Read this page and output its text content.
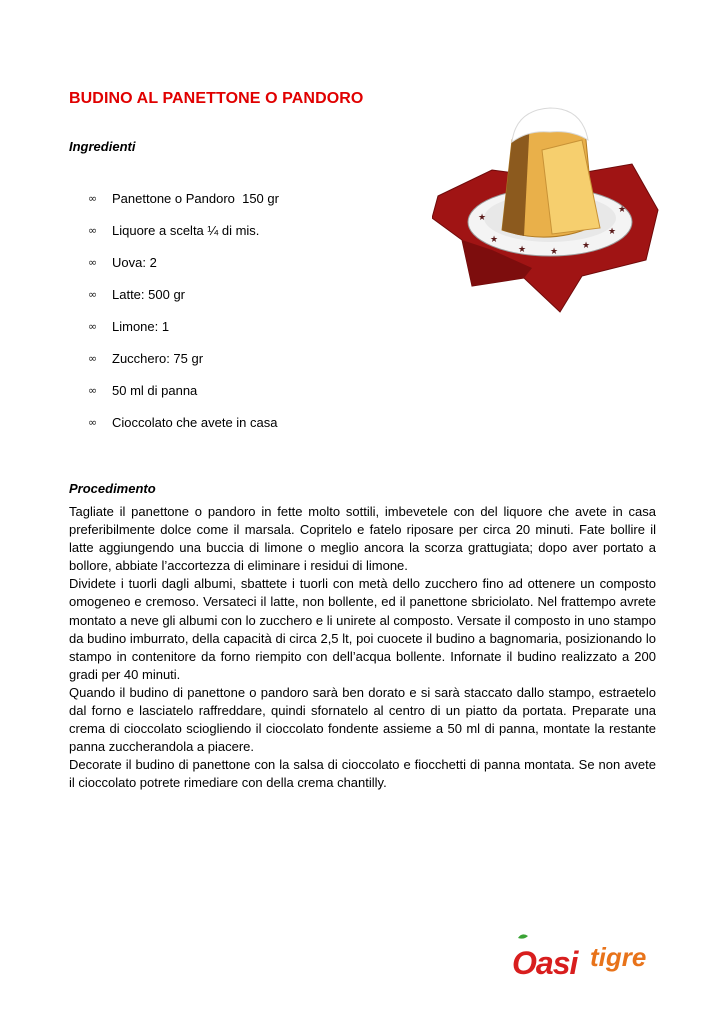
BUDINO AL PANETTONE O PANDORO
Ingredienti
∞	Panettone o Pandoro  150 gr
∞	Liquore a scelta ¼ di mis.
∞	Uova: 2
∞	Latte: 500 gr
∞	Limone: 1
∞	Zucchero: 75 gr
∞	50 ml di panna
∞	Cioccolato che avete in casa
Procedimento

Tagliate il panettone o pandoro in fette molto sottili, imbevetele con del liquore che avete in casa preferibilmente dolce come il marsala. Copritelo e fatelo riposare per circa 20 minuti. Fate bollire il latte aggiungendo una buccia di limone o meglio ancora la scorza grattugiata; dopo aver portato a bollore, abbiate l’accortezza di eliminare i residui di limone.

Dividete i tuorli dagli albumi, sbattete i tuorli con metà dello zucchero fino ad ottenere un composto omogeneo e cremoso. Versateci il latte, non bollente, ed il panettone sbriciolato. Nel frattempo avrete montato a neve gli albumi con lo zucchero e li unirete al composto. Versate il composto in uno stampo da budino imburrato, della capacità di circa 2,5 lt, poi cuocete il budino a bagnomaria, posizionando lo stampo in contenitore da forno riempito con dell’acqua bollente. Infornate il budino realizzato a 200 gradi per 40 minuti.

Quando il budino di panettone o pandoro sarà ben dorato e si sarà staccato dallo stampo, estraetelo dal forno e lasciatelo raffreddare, quindi sfornatelo al centro di un piatto da portata. Preparate una crema di cioccolato sciogliendo il cioccolato fondente assieme a 50 ml di panna, montate la restante panna zuccherandola a piacere.

Decorate il budino di panettone con la salsa di cioccolato e fiocchetti di panna montata. Se non avete il cioccolato potrete rimediare con della crema chantilly.

★
★
★	★
★
★
★
Oasi tigre
